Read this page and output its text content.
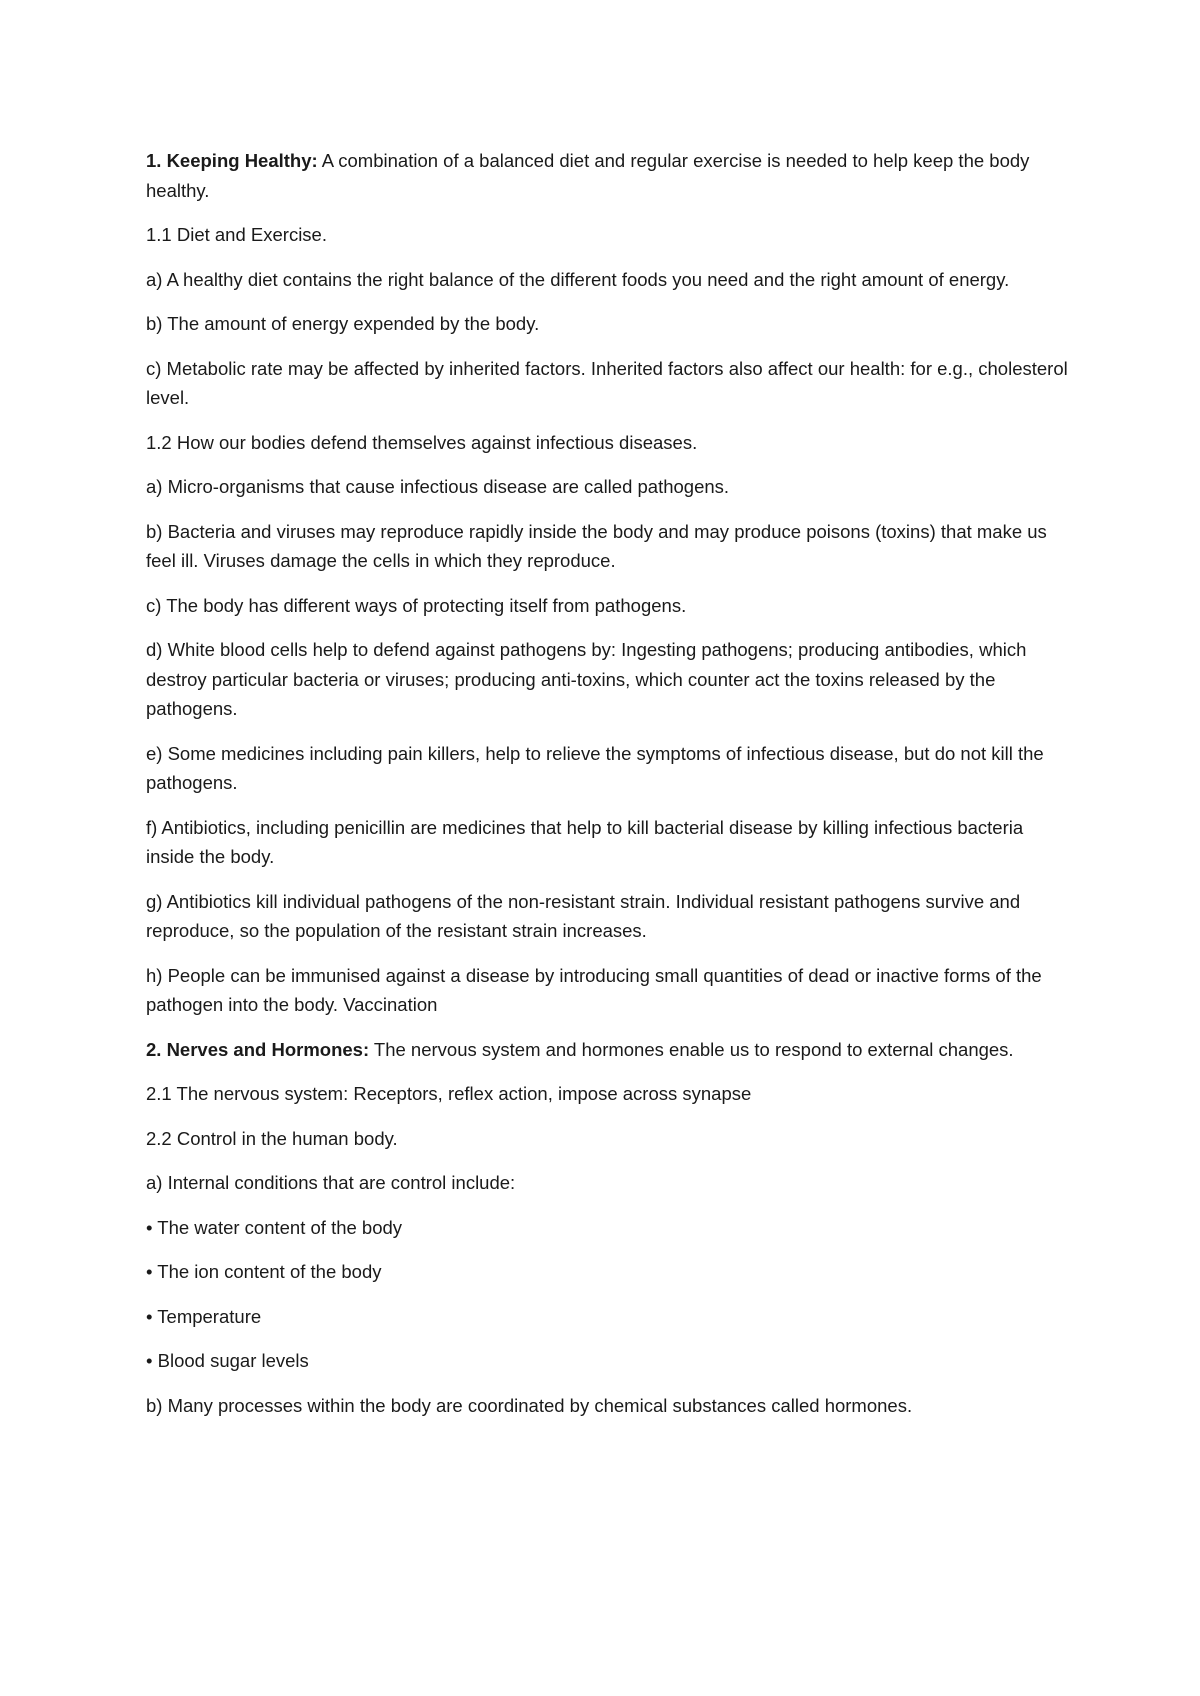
1. Keeping Healthy: A combination of a balanced diet and regular exercise is needed to help keep the body healthy.

1.1 Diet and Exercise.

a) A healthy diet contains the right balance of the different foods you need and the right amount of energy.

b) The amount of energy expended by the body.

c) Metabolic rate may be affected by inherited factors. Inherited factors also affect our health: for e.g., cholesterol level.

1.2 How our bodies defend themselves against infectious diseases.

a) Micro-organisms that cause infectious disease are called pathogens.

b) Bacteria and viruses may reproduce rapidly inside the body and may produce poisons (toxins) that make us feel ill. Viruses damage the cells in which they reproduce.

c) The body has different ways of protecting itself from pathogens.

d) White blood cells help to defend against pathogens by: Ingesting pathogens; producing antibodies, which destroy particular bacteria or viruses; producing anti-toxins, which counter act the toxins released by the pathogens.

e) Some medicines including pain killers, help to relieve the symptoms of infectious disease, but do not kill the pathogens.

f) Antibiotics, including penicillin are medicines that help to kill bacterial disease by killing infectious bacteria inside the body.

g) Antibiotics kill individual pathogens of the non-resistant strain. Individual resistant pathogens survive and reproduce, so the population of the resistant strain increases.

h) People can be immunised against a disease by introducing small quantities of dead or inactive forms of the pathogen into the body. Vaccination

2. Nerves and Hormones: The nervous system and hormones enable us to respond to external changes.

2.1 The nervous system: Receptors, reflex action, impose across synapse

2.2 Control in the human body.

a) Internal conditions that are control include:

• The water content of the body

• The ion content of the body

• Temperature

• Blood sugar levels

b) Many processes within the body are coordinated by chemical substances called hormones.
